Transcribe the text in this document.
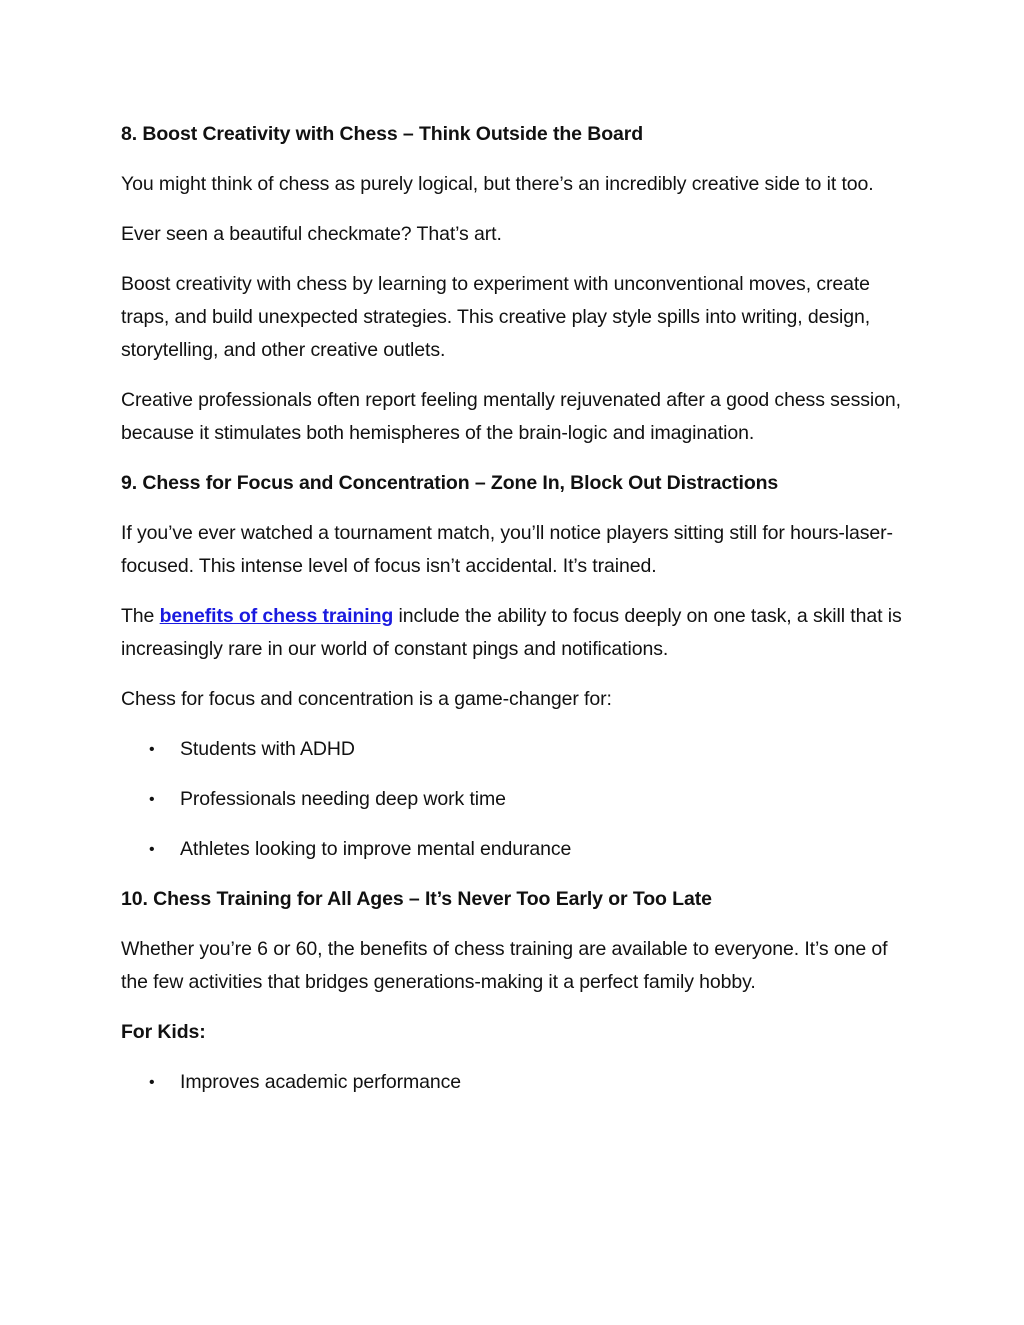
8. Boost Creativity with Chess – Think Outside the Board

You might think of chess as purely logical, but there’s an incredibly creative side to it too.

Ever seen a beautiful checkmate? That’s art.

Boost creativity with chess by learning to experiment with unconventional moves, create traps, and build unexpected strategies. This creative play style spills into writing, design, storytelling, and other creative outlets.

Creative professionals often report feeling mentally rejuvenated after a good chess session, because it stimulates both hemispheres of the brain-logic and imagination.

9. Chess for Focus and Concentration – Zone In, Block Out Distractions

If you’ve ever watched a tournament match, you’ll notice players sitting still for hours-laser-focused. This intense level of focus isn’t accidental. It’s trained.

The benefits of chess training include the ability to focus deeply on one task, a skill that is increasingly rare in our world of constant pings and notifications.

Chess for focus and concentration is a game-changer for:

• Students with ADHD
• Professionals needing deep work time
• Athletes looking to improve mental endurance
10. Chess Training for All Ages – It’s Never Too Early or Too Late

Whether you’re 6 or 60, the benefits of chess training are available to everyone. It’s one of the few activities that bridges generations-making it a perfect family hobby.

For Kids:
• Improves academic performance
